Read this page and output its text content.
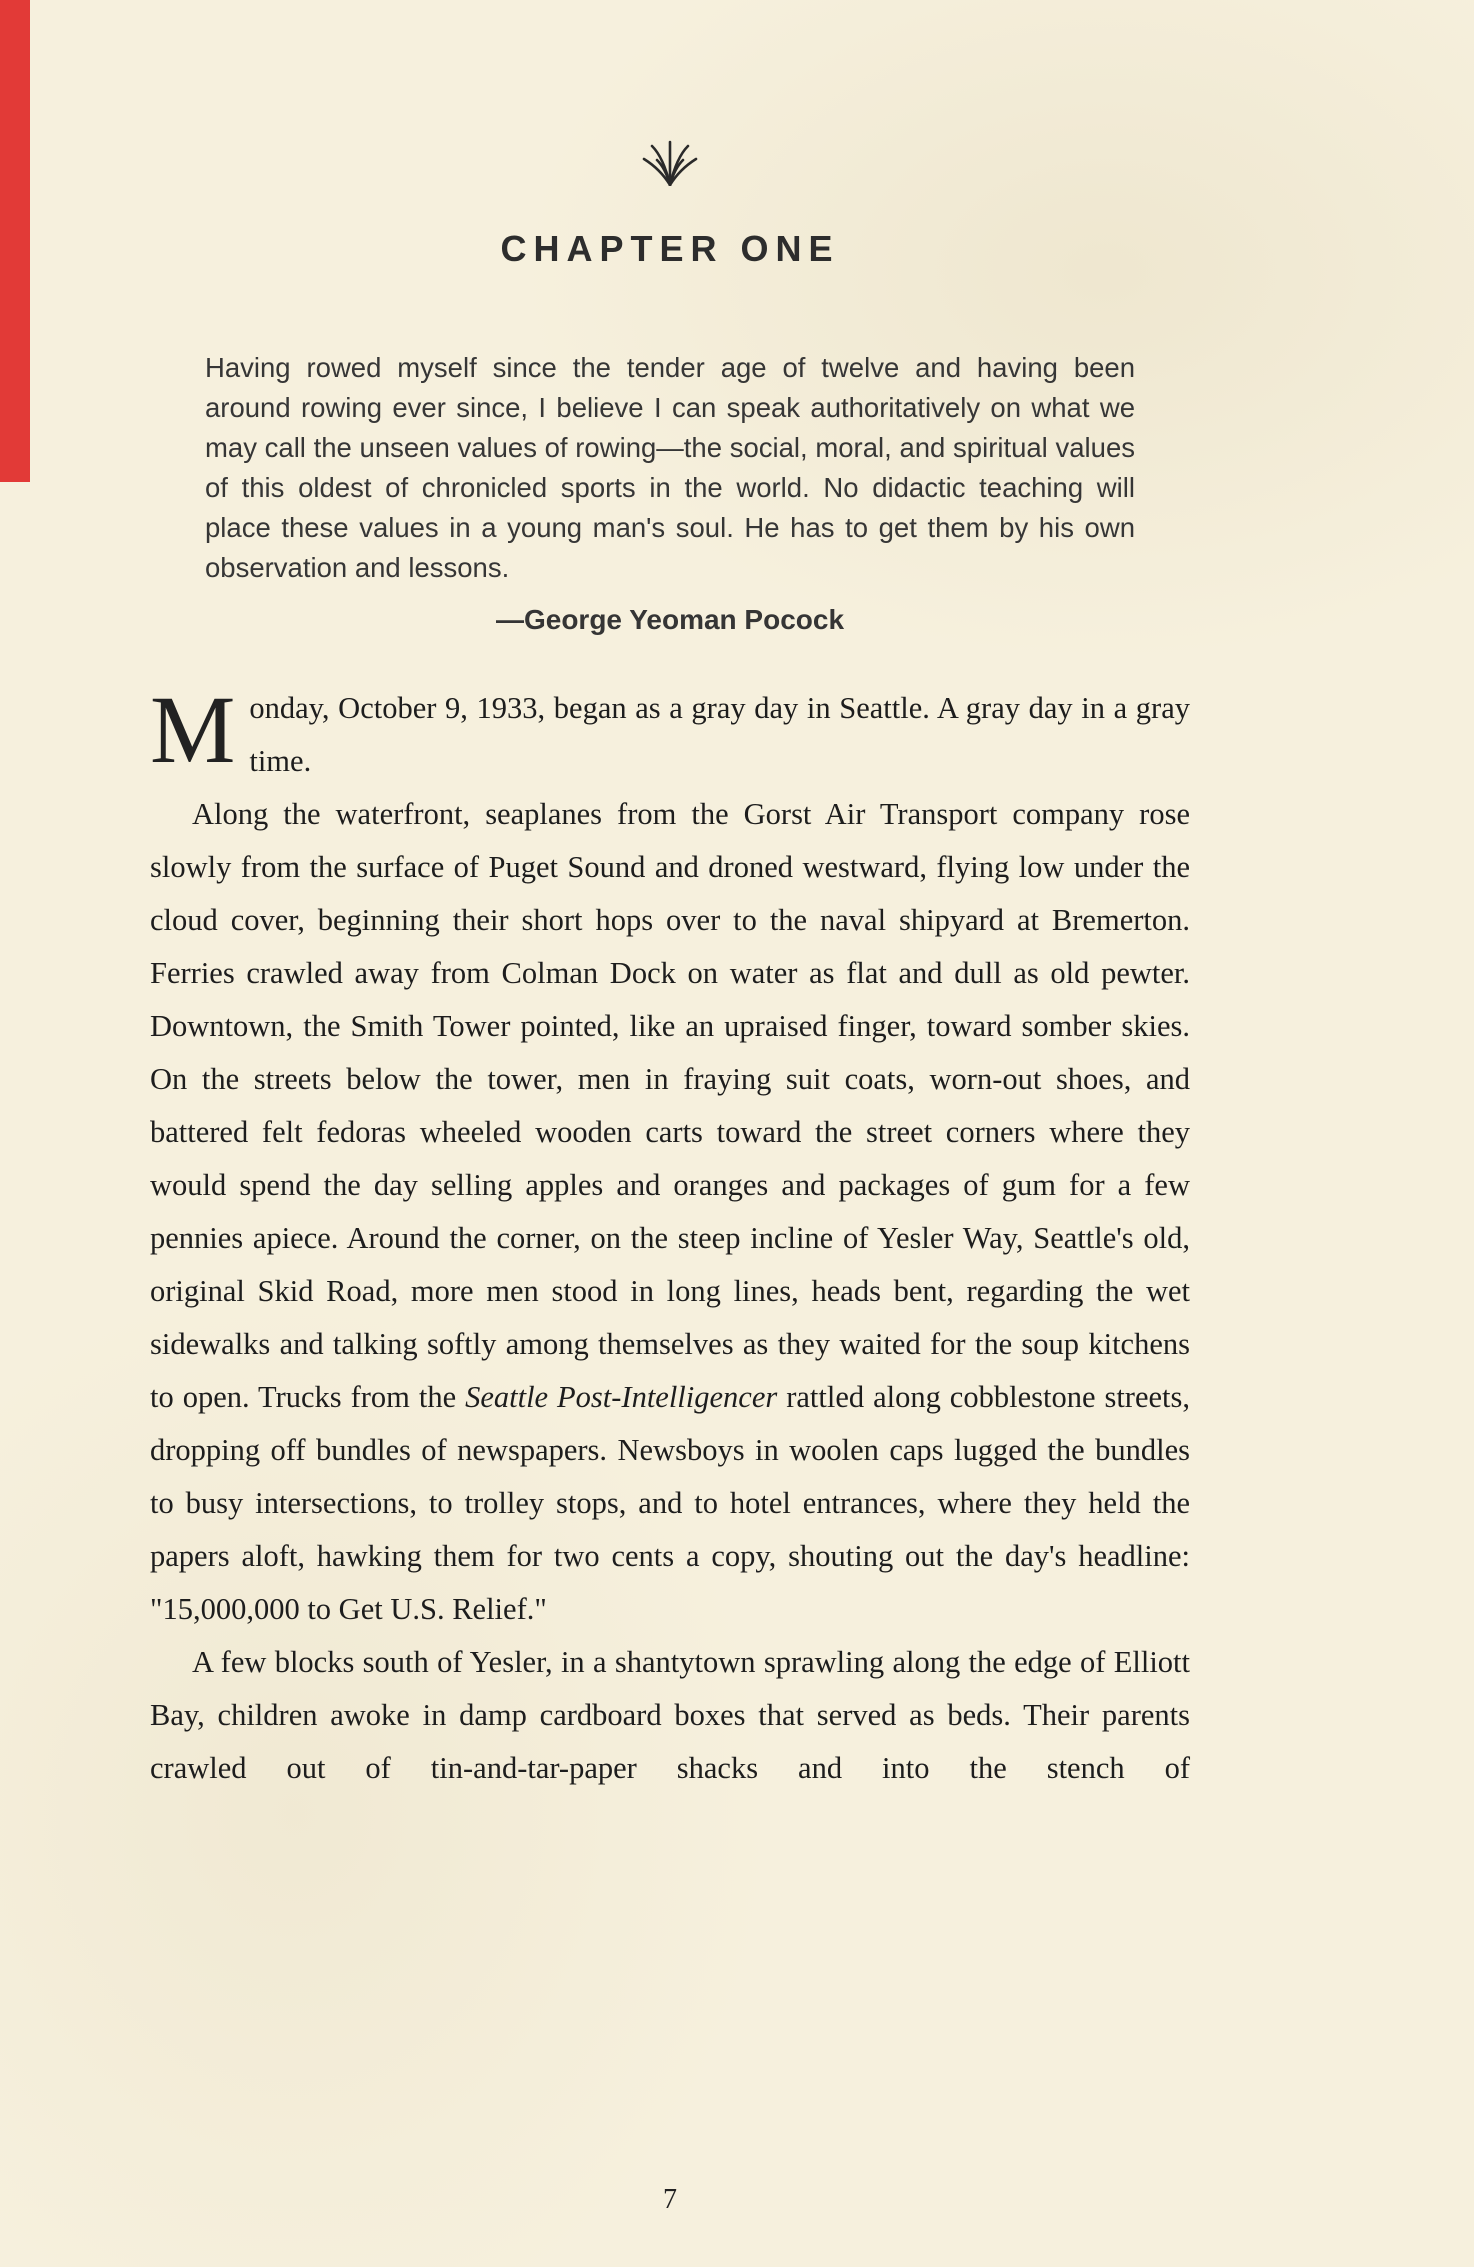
CHAPTER ONE

Having rowed myself since the tender age of twelve and having been around rowing ever since, I believe I can speak authoritatively on what we may call the unseen values of rowing—the social, moral, and spiritual values of this oldest of chronicled sports in the world. No didactic teaching will place these values in a young man's soul. He has to get them by his own observation and lessons.

—George Yeoman Pocock

Monday, October 9, 1933, began as a gray day in Seattle. A gray day in a gray time.

Along the waterfront, seaplanes from the Gorst Air Transport company rose slowly from the surface of Puget Sound and droned westward, flying low under the cloud cover, beginning their short hops over to the naval shipyard at Bremerton. Ferries crawled away from Colman Dock on water as flat and dull as old pewter. Downtown, the Smith Tower pointed, like an upraised finger, toward somber skies. On the streets below the tower, men in fraying suit coats, worn-out shoes, and battered felt fedoras wheeled wooden carts toward the street corners where they would spend the day selling apples and oranges and packages of gum for a few pennies apiece. Around the corner, on the steep incline of Yesler Way, Seattle's old, original Skid Road, more men stood in long lines, heads bent, regarding the wet sidewalks and talking softly among themselves as they waited for the soup kitchens to open. Trucks from the Seattle Post-Intelligencer rattled along cobblestone streets, dropping off bundles of newspapers. Newsboys in woolen caps lugged the bundles to busy intersections, to trolley stops, and to hotel entrances, where they held the papers aloft, hawking them for two cents a copy, shouting out the day's headline: "15,000,000 to Get U.S. Relief."

A few blocks south of Yesler, in a shantytown sprawling along the edge of Elliott Bay, children awoke in damp cardboard boxes that served as beds. Their parents crawled out of tin-and-tar-paper shacks and into the stench of

7
